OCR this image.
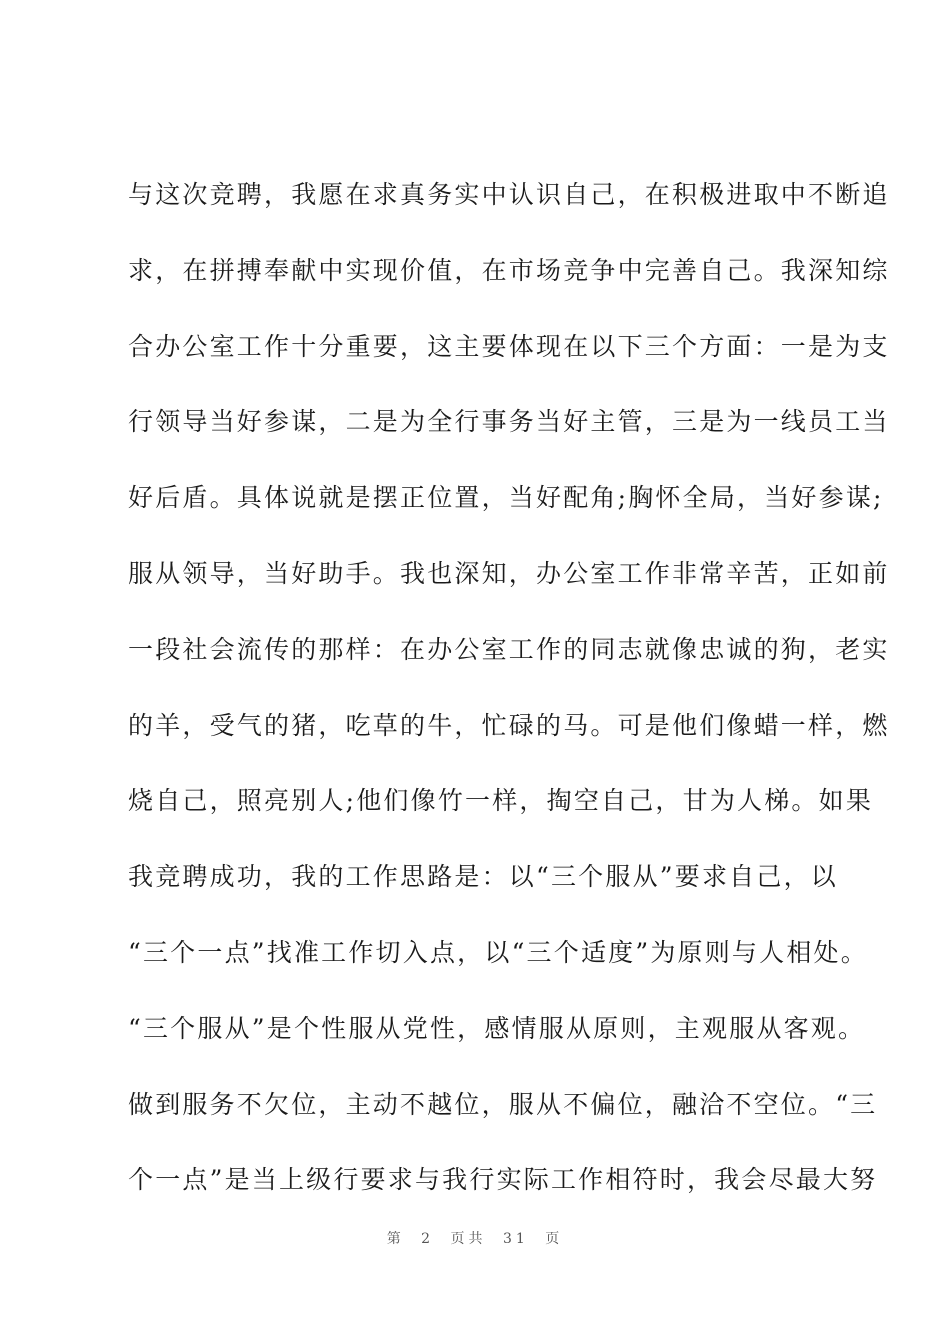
与这次竞聘，我愿在求真务实中认识自己，在积极进取中不断追
求，在拼搏奉献中实现价值，在市场竞争中完善自己。我深知综
合办公室工作十分重要，这主要体现在以下三个方面：一是为支
行领导当好参谋，二是为全行事务当好主管，三是为一线员工当
好后盾。具体说就是摆正位置，当好配角;胸怀全局，当好参谋;
服从领导，当好助手。我也深知，办公室工作非常辛苦，正如前
一段社会流传的那样：在办公室工作的同志就像忠诚的狗，老实
的羊，受气的猪，吃草的牛，忙碌的马。可是他们像蜡一样，燃
烧自己，照亮别人;他们像竹一样，掏空自己，甘为人梯。如果
我竞聘成功，我的工作思路是：以“三个服从”要求自己，以
“三个一点”找准工作切入点，以“三个适度”为原则与人相处。
“三个服从”是个性服从党性，感情服从原则，主观服从客观。
做到服务不欠位，主动不越位，服从不偏位，融洽不空位。“三
个一点”是当上级行要求与我行实际工作相符时，我会尽最大努
第 2 页共 31 页
